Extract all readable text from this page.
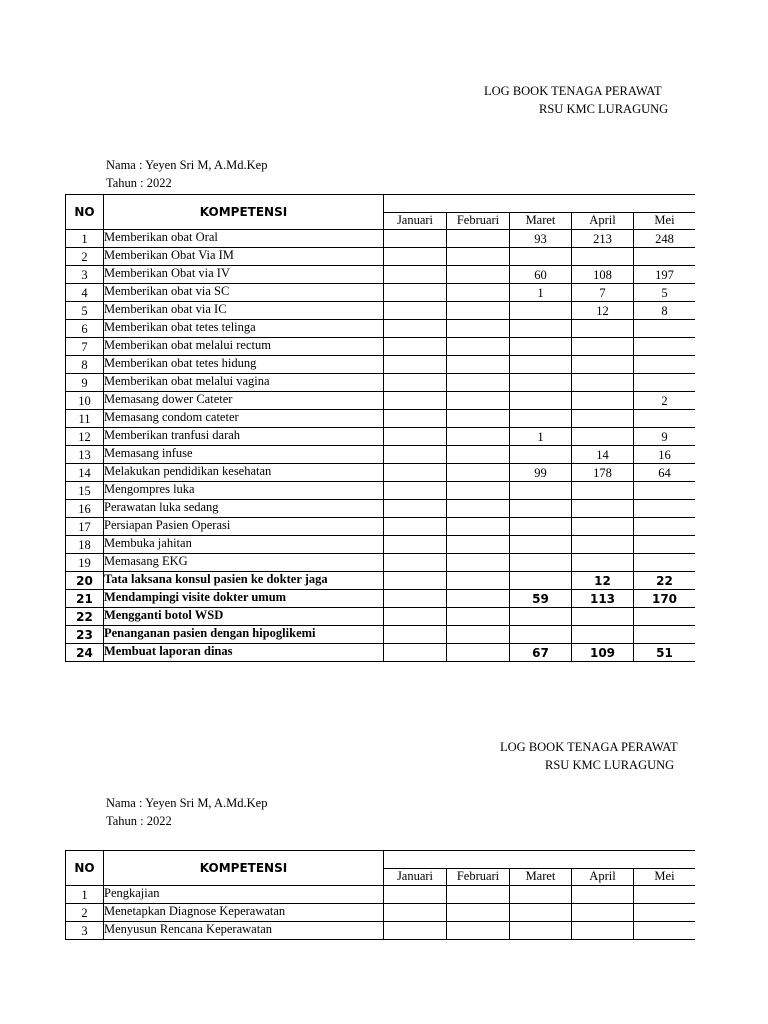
LOG BOOK TENAGA PERAWAT
RSU KMC LURAGUNG
Nama : Yeyen Sri M, A.Md.Kep
Tahun : 2022
NO	KOMPETENSI					
		Januari	Februari	Maret	April	Mei
1	Memberikan obat Oral			93	213	248
2	Memberikan Obat Via IM					
3	Memberikan Obat via IV			60	108	197
4	Memberikan obat via SC			1	7	5
5	Memberikan obat via IC				12	8
6	Memberikan obat tetes telinga					
7	Memberikan obat melalui rectum					
8	Memberikan obat tetes hidung					
9	Memberikan obat melalui vagina					
10	Memasang dower Cateter					2
11	Memasang condom cateter					
12	Memberikan tranfusi darah			1		9
13	Memasang infuse				14	16
14	Melakukan pendidikan kesehatan			99	178	64
15	Mengompres luka					
16	Perawatan luka sedang					
17	Persiapan Pasien Operasi					
18	Membuka jahitan					
19	Memasang EKG					
20	Tata laksana konsul pasien ke dokter jaga				12	22
21	Mendampingi visite dokter umum			59	113	170
22	Mengganti botol WSD					
23	Penanganan pasien dengan hipoglikemi					
24	Membuat laporan dinas			67	109	51
LOG BOOK TENAGA PERAWAT
RSU KMC LURAGUNG
Nama : Yeyen Sri M, A.Md.Kep
Tahun : 2022
NO	KOMPETENSI					
		Januari	Februari	Maret	April	Mei
1	Pengkajian					
2	Menetapkan Diagnose Keperawatan					
3	Menyusun Rencana Keperawatan					
